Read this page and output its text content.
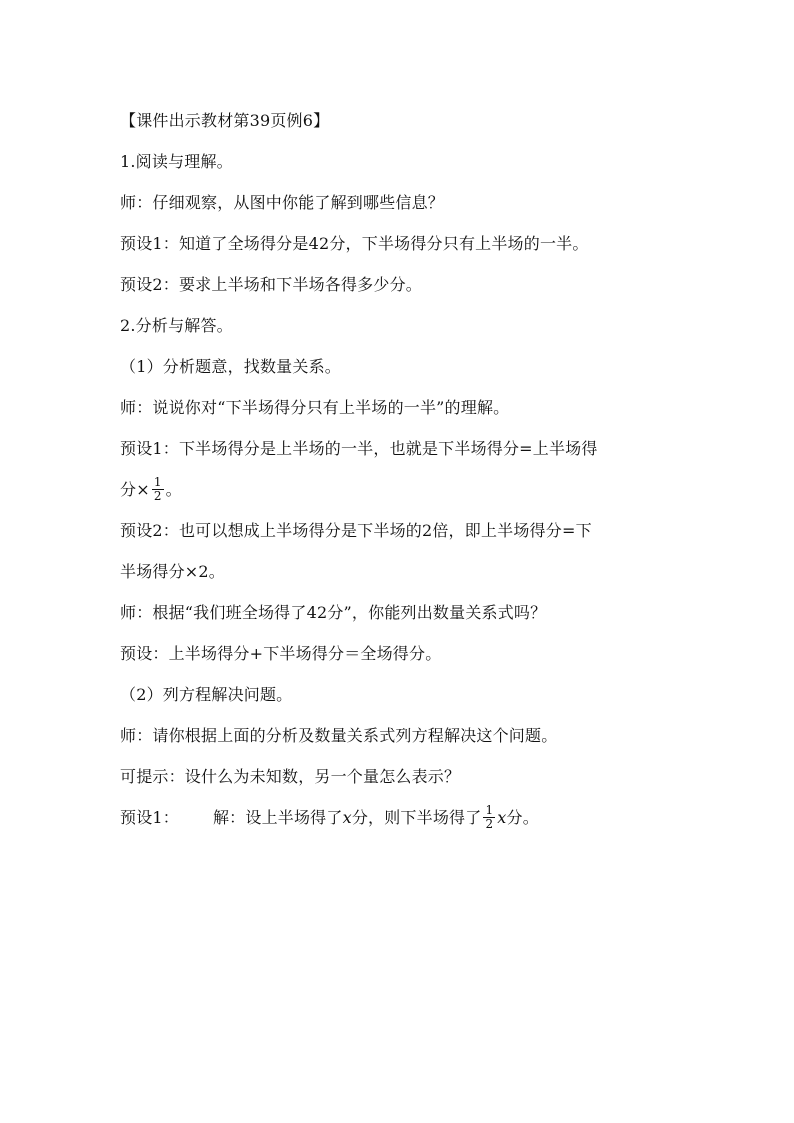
【课件出示教材第39页例6】
1.阅读与理解。
师：仔细观察，从图中你能了解到哪些信息？
预设1：知道了全场得分是42分，下半场得分只有上半场的一半。
预设2：要求上半场和下半场各得多少分。
2.分析与解答。
（1）分析题意，找数量关系。
师：说说你对“下半场得分只有上半场的一半”的理解。
预设1：下半场得分是上半场的一半，也就是下半场得分=上半场得
分× $\frac{1}{2}$ 。
预设2：也可以想成上半场得分是下半场的2倍，即上半场得分=下
半场得分×2。
师：根据“我们班全场得了42分”，你能列出数量关系式吗？
预设：上半场得分+下半场得分＝全场得分。
（2）列方程解决问题。
师：请你根据上面的分析及数量关系式列方程解决这个问题。
可提示：设什么为未知数，另一个量怎么表示？
预设1： 解：设上半场得了x分，则下半场得了 $\frac{1}{2}$ x分。
